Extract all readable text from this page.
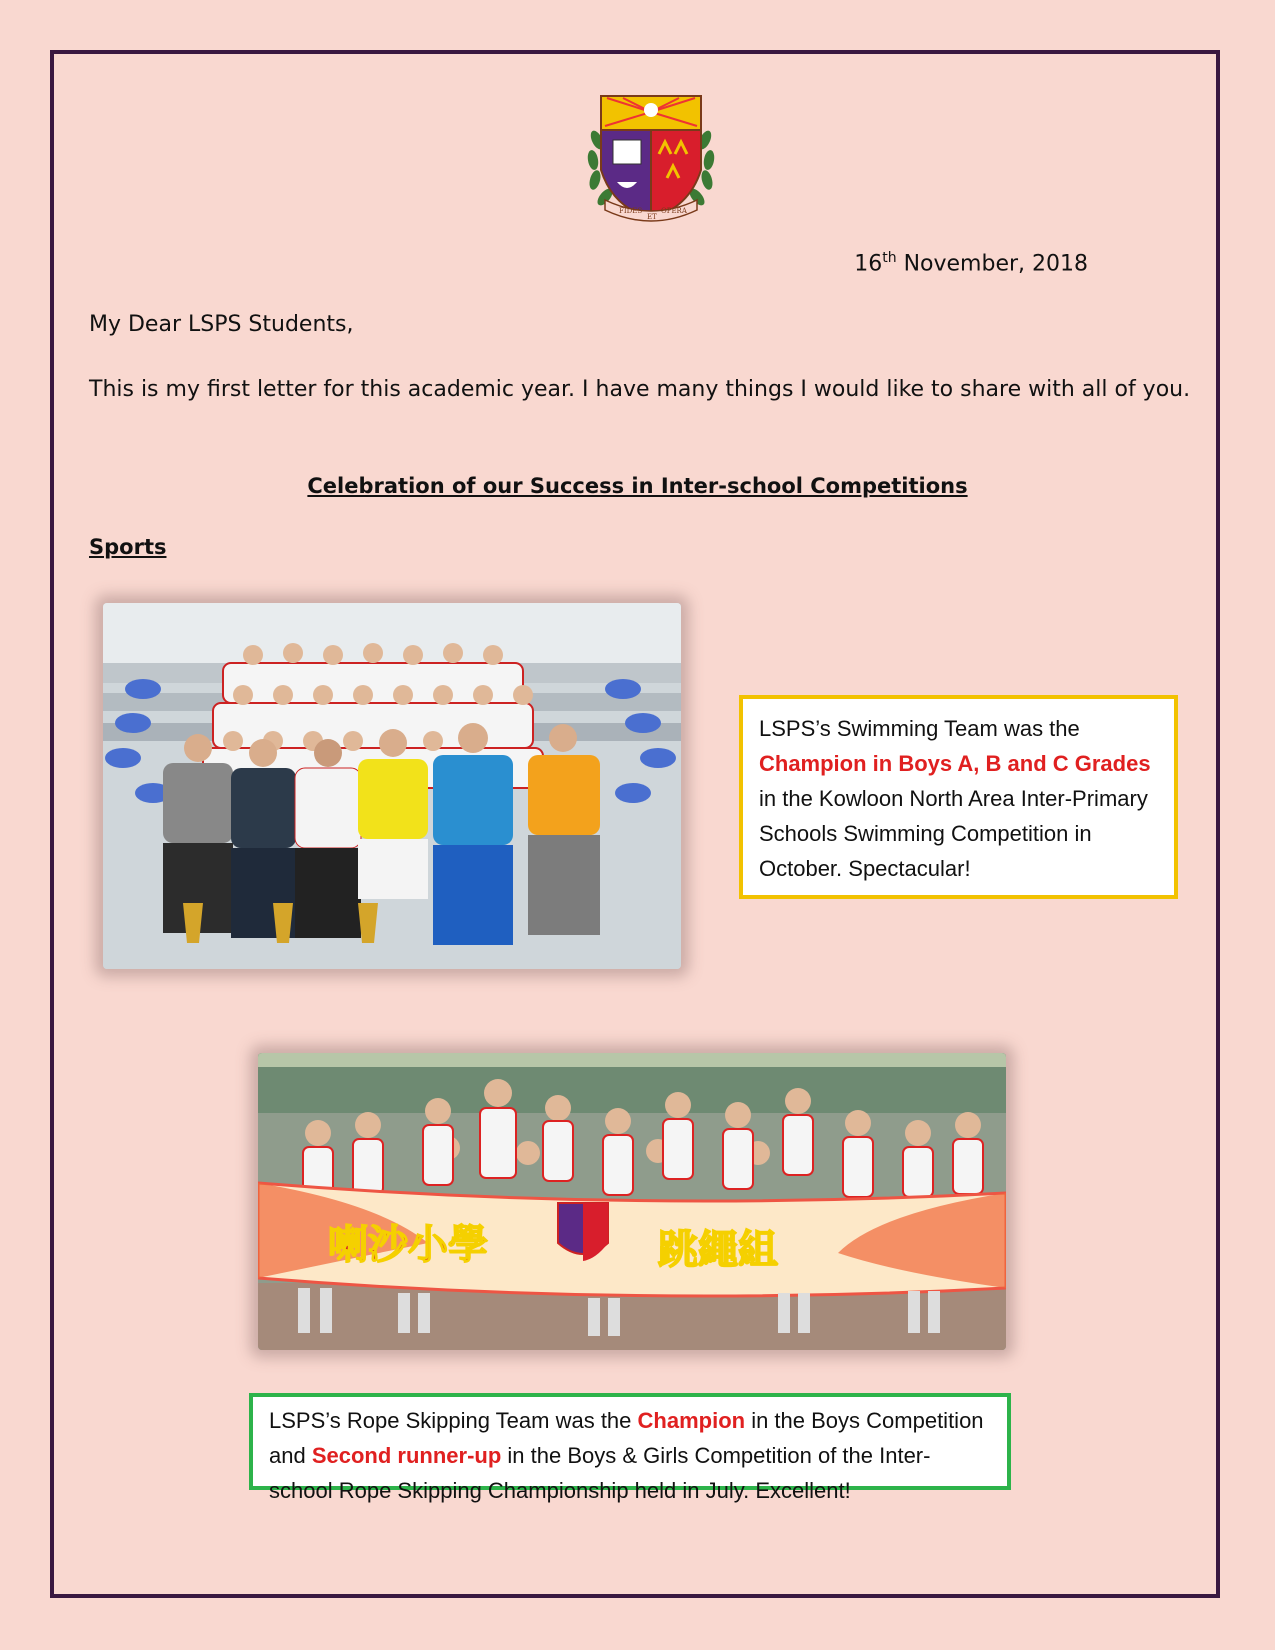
FIDES
ET
OPERA
16th November, 2018
My Dear LSPS Students,
This is my first letter for this academic year. I have many things I would like to share with all of you.
Celebration of our Success in Inter-school Competitions
Sports
LSPS’s Swimming Team was the Champion in Boys A, B and C Grades in the Kowloon North Area Inter-Primary Schools Swimming Competition in October. Spectacular!
喇沙小學	跳繩組
LSPS’s Rope Skipping Team was the Champion in the Boys Competition and Second runner-up in the Boys & Girls Competition of the Inter-school Rope Skipping Championship held in July. Excellent!
